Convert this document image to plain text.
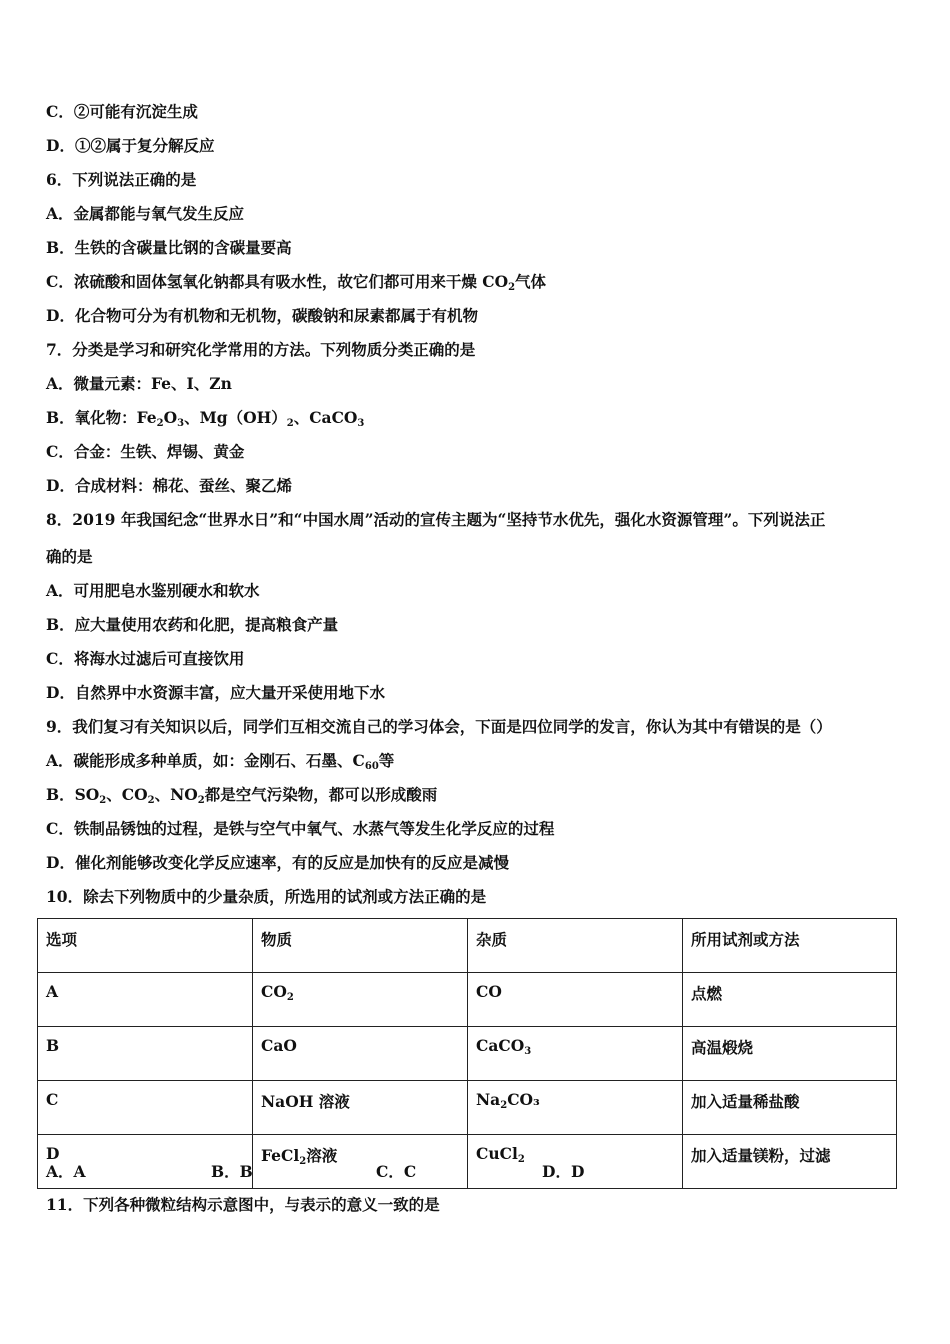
C．②可能有沉淀生成
D．①②属于复分解反应
6．下列说法正确的是
A．金属都能与氧气发生反应
B．生铁的含碳量比钢的含碳量要高
C．浓硫酸和固体氢氧化钠都具有吸水性，故它们都可用来干燥 $CO_2$气体
D．化合物可分为有机物和无机物，碳酸钠和尿素都属于有机物
7．分类是学习和研究化学常用的方法。下列物质分类正确的是
A．微量元素：Fe、I、Zn
B．氧化物：$Fe_2O_3$、$Mg(OH)_2$、CaCO$_3$
C．合金：生铁、焊锡、黄金
D．合成材料：棉花、蚕丝、聚乙烯
8．2019 年我国纪念“世界水日”和“中国水周”活动的宣传主题为“坚持节水优先，强化水资源管理”。下列说法正
确的是
A．可用肥皂水鉴别硬水和软水
B．应大量使用农药和化肥，提高粮食产量
C．将海水过滤后可直接饮用
D．自然界中水资源丰富，应大量开采使用地下水
9．我们复习有关知识以后，同学们互相交流自己的学习体会，下面是四位同学的发言，你认为其中有错误的是（）
A．碳能形成多种单质，如：金刚石、石墨、$C_{60}$等
B．$SO_2$、$CO_2$、$NO_2$都是空气污染物，都可以形成酸雨
C．铁制品锈蚀的过程，是铁与空气中氧气、水蒸气等发生化学反应的过程
D．催化剂能够改变化学反应速率，有的反应是加快有的反应是减慢
10．除去下列物质中的少量杂质，所选用的试剂或方法正确的是
选项	物质	杂质	所用试剂或方法
A	$CO_2$	CO	点燃
B	CaO	CaCO$_3$	高温煅烧
C	NaOH 溶液	$Na_2CO_3$	加入适量稀盐酸
D	FeCl$_2$溶液	CuCl$_2$	加入适量镁粉，过滤
A．A	B．B	C．C	D．D
11．下列各种微粒结构示意图中，与表示的意义一致的是
